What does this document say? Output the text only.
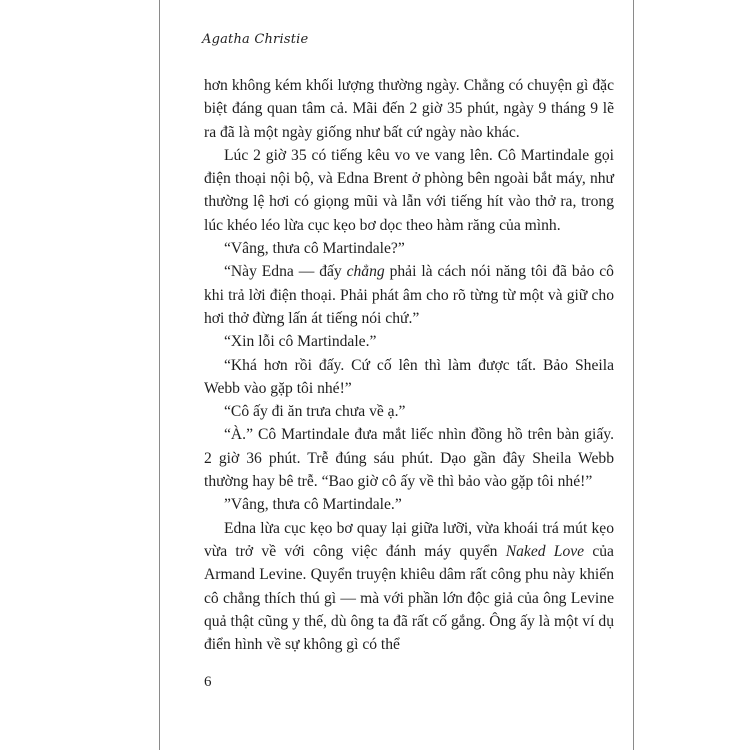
Agatha Christie

hơn không kém khối lượng thường ngày. Chẳng có chuyện gì đặc biệt đáng quan tâm cả. Mãi đến 2 giờ 35 phút, ngày 9 tháng 9 lẽ ra đã là một ngày giống như bất cứ ngày nào khác.

Lúc 2 giờ 35 có tiếng kêu vo ve vang lên. Cô Martindale gọi điện thoại nội bộ, và Edna Brent ở phòng bên ngoài bắt máy, như thường lệ hơi có giọng mũi và lẫn với tiếng hít vào thở ra, trong lúc khéo léo lừa cục kẹo bơ dọc theo hàm răng của mình.

“Vâng, thưa cô Martindale?”

“Này Edna — đấy chẳng phải là cách nói năng tôi đã bảo cô khi trả lời điện thoại. Phải phát âm cho rõ từng từ một và giữ cho hơi thở đừng lấn át tiếng nói chứ.”

“Xin lỗi cô Martindale.”

“Khá hơn rồi đấy. Cứ cố lên thì làm được tất. Bảo Sheila Webb vào gặp tôi nhé!”

“Cô ấy đi ăn trưa chưa về ạ.”

“À.” Cô Martindale đưa mắt liếc nhìn đồng hồ trên bàn giấy. 2 giờ 36 phút. Trễ đúng sáu phút. Dạo gần đây Sheila Webb thường hay bê trễ. “Bao giờ cô ấy về thì bảo vào gặp tôi nhé!”

”Vâng, thưa cô Martindale.”

Edna lừa cục kẹo bơ quay lại giữa lưỡi, vừa khoái trá mút kẹo vừa trở về với công việc đánh máy quyển Naked Love của Armand Levine. Quyển truyện khiêu dâm rất công phu này khiến cô chẳng thích thú gì — mà với phần lớn độc giả của ông Levine quả thật cũng y thế, dù ông ta đã rất cố gắng. Ông ấy là một ví dụ điển hình về sự không gì có thể

6
